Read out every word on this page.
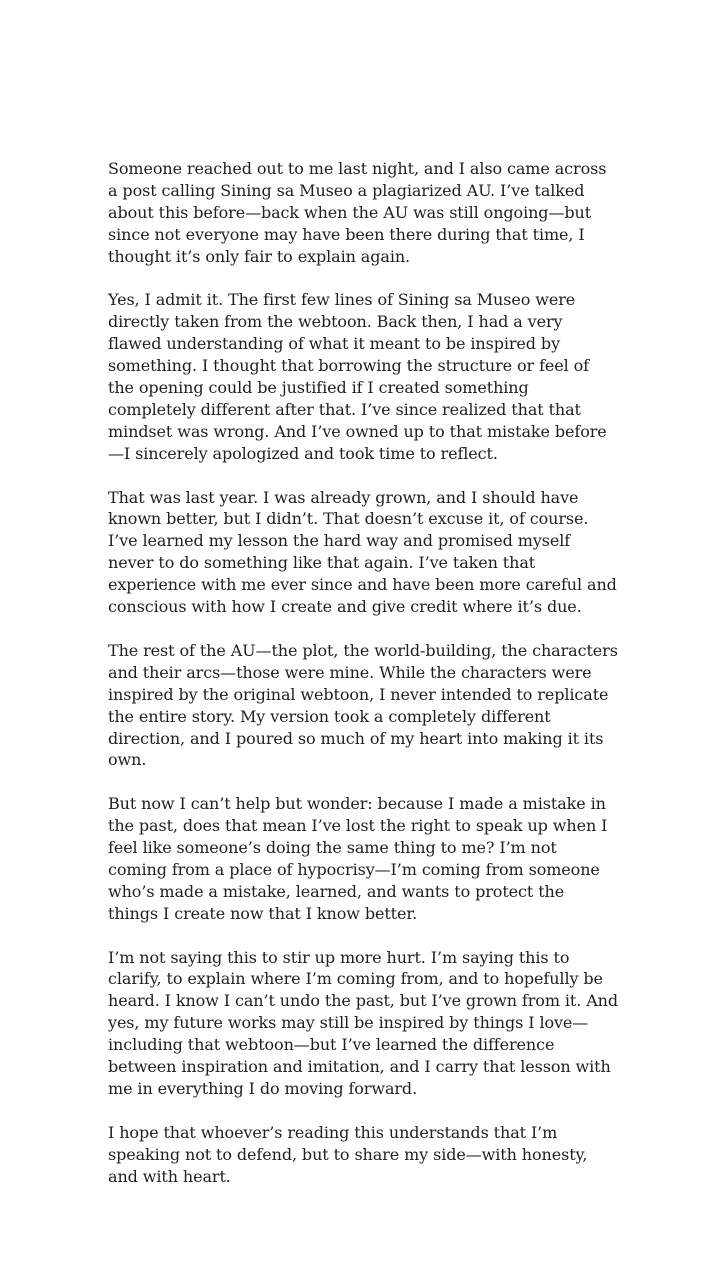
Someone reached out to me last night, and I also came across a post calling Sining sa Museo a plagiarized AU. I’ve talked about this before—back when the AU was still ongoing—but since not everyone may have been there during that time, I thought it’s only fair to explain again.

Yes, I admit it. The first few lines of Sining sa Museo were directly taken from the webtoon. Back then, I had a very flawed understanding of what it meant to be inspired by something. I thought that borrowing the structure or feel of the opening could be justified if I created something completely different after that. I’ve since realized that that mindset was wrong. And I’ve owned up to that mistake before—I sincerely apologized and took time to reflect.

That was last year. I was already grown, and I should have known better, but I didn’t. That doesn’t excuse it, of course. I’ve learned my lesson the hard way and promised myself never to do something like that again. I’ve taken that experience with me ever since and have been more careful and conscious with how I create and give credit where it’s due.

The rest of the AU—the plot, the world-building, the characters and their arcs—those were mine. While the characters were inspired by the original webtoon, I never intended to replicate the entire story. My version took a completely different direction, and I poured so much of my heart into making it its own.

But now I can’t help but wonder: because I made a mistake in the past, does that mean I’ve lost the right to speak up when I feel like someone’s doing the same thing to me? I’m not coming from a place of hypocrisy—I’m coming from someone who’s made a mistake, learned, and wants to protect the things I create now that I know better.

I’m not saying this to stir up more hurt. I’m saying this to clarify, to explain where I’m coming from, and to hopefully be heard. I know I can’t undo the past, but I’ve grown from it. And yes, my future works may still be inspired by things I love—including that webtoon—but I’ve learned the difference between inspiration and imitation, and I carry that lesson with me in everything I do moving forward.

I hope that whoever’s reading this understands that I’m speaking not to defend, but to share my side—with honesty, and with heart.
